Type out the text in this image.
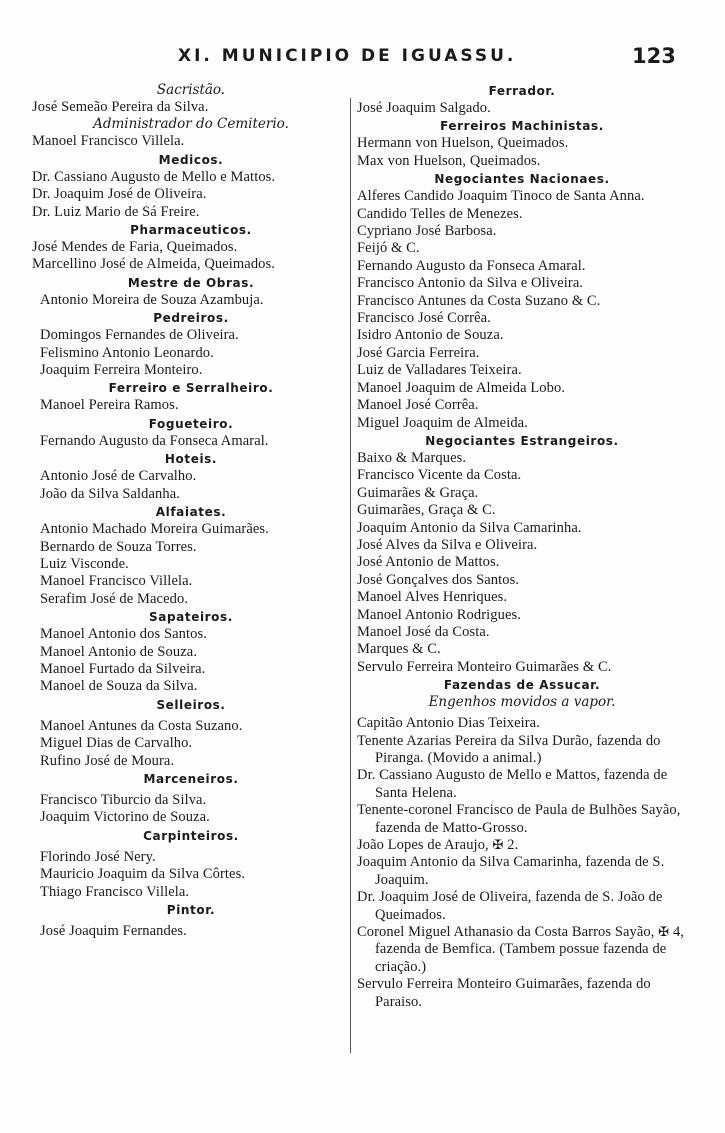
XI. MUNICIPIO DE IGUASSU.	123
Sacristão.
José Semeão Pereira da Silva.
Administrador do Cemiterio.
Manoel Francisco Villela.
Medicos.
Dr. Cassiano Augusto de Mello e Mattos.
Dr. Joaquim José de Oliveira.
Dr. Luiz Mario de Sá Freire.
Pharmaceuticos.
José Mendes de Faria, Queimados.
Marcellino José de Almeida, Queimados.
Mestre de Obras.
Antonio Moreira de Souza Azambuja.
Pedreiros.
Domingos Fernandes de Oliveira.
Felismino Antonio Leonardo.
Joaquim Ferreira Monteiro.
Ferreiro e Serralheiro.
Manoel Pereira Ramos.
Fogueteiro.
Fernando Augusto da Fonseca Amaral.
Hoteis.
Antonio José de Carvalho.
João da Silva Saldanha.
Alfaiates.
Antonio Machado Moreira Guimarães.
Bernardo de Souza Torres.
Luiz Visconde.
Manoel Francisco Villela.
Serafim José de Macedo.
Sapateiros.
Manoel Antonio dos Santos.
Manoel Antonio de Souza.
Manoel Furtado da Silveira.
Manoel de Souza da Silva.
Selleiros.
Manoel Antunes da Costa Suzano.
Miguel Dias de Carvalho.
Rufino José de Moura.
Marceneiros.
Francisco Tiburcio da Silva.
Joaquim Victorino de Souza.
Carpinteiros.
Florindo José Nery.
Mauricio Joaquim da Silva Côrtes.
Thiago Francisco Villela.
Pintor.
José Joaquim Fernandes.
Ferrador.
José Joaquim Salgado.
Ferreiros Machinistas.
Hermann von Huelson, Queimados.
Max von Huelson, Queimados.
Negociantes Nacionaes.
Alferes Candido Joaquim Tinoco de Santa Anna.
Candido Telles de Menezes.
Cypriano José Barbosa.
Feijó & C.
Fernando Augusto da Fonseca Amaral.
Francisco Antonio da Silva e Oliveira.
Francisco Antunes da Costa Suzano & C.
Francisco José Corrêa.
Isidro Antonio de Souza.
José Garcia Ferreira.
Luiz de Valladares Teixeira.
Manoel Joaquim de Almeida Lobo.
Manoel José Corrêa.
Miguel Joaquim de Almeida.
Negociantes Estrangeiros.
Baixo & Marques.
Francisco Vicente da Costa.
Guimarães & Graça.
Guimarães, Graça & C.
Joaquim Antonio da Silva Camarinha.
José Alves da Silva e Oliveira.
José Antonio de Mattos.
José Gonçalves dos Santos.
Manoel Alves Henriques.
Manoel Antonio Rodrigues.
Manoel José da Costa.
Marques & C.
Servulo Ferreira Monteiro Guimarães & C.
Fazendas de Assucar.
Engenhos movidos a vapor.
Capitão Antonio Dias Teixeira.
Tenente Azarias Pereira da Silva Durão, fazenda do Piranga. (Movido a animal.)
Dr. Cassiano Augusto de Mello e Mattos, fazenda de Santa Helena.
Tenente-coronel Francisco de Paula de Bulhões Sayão, fazenda de Matto-Grosso.
João Lopes de Araujo, ✠ 2.
Joaquim Antonio da Silva Camarinha, fazenda de S. Joaquim.
Dr. Joaquim José de Oliveira, fazenda de S. João de Queimados.
Coronel Miguel Athanasio da Costa Barros Sayão, ✠ 4, fazenda de Bemfica. (Tambem possue fazenda de criação.)
Servulo Ferreira Monteiro Guimarães, fazenda do Paraiso.
